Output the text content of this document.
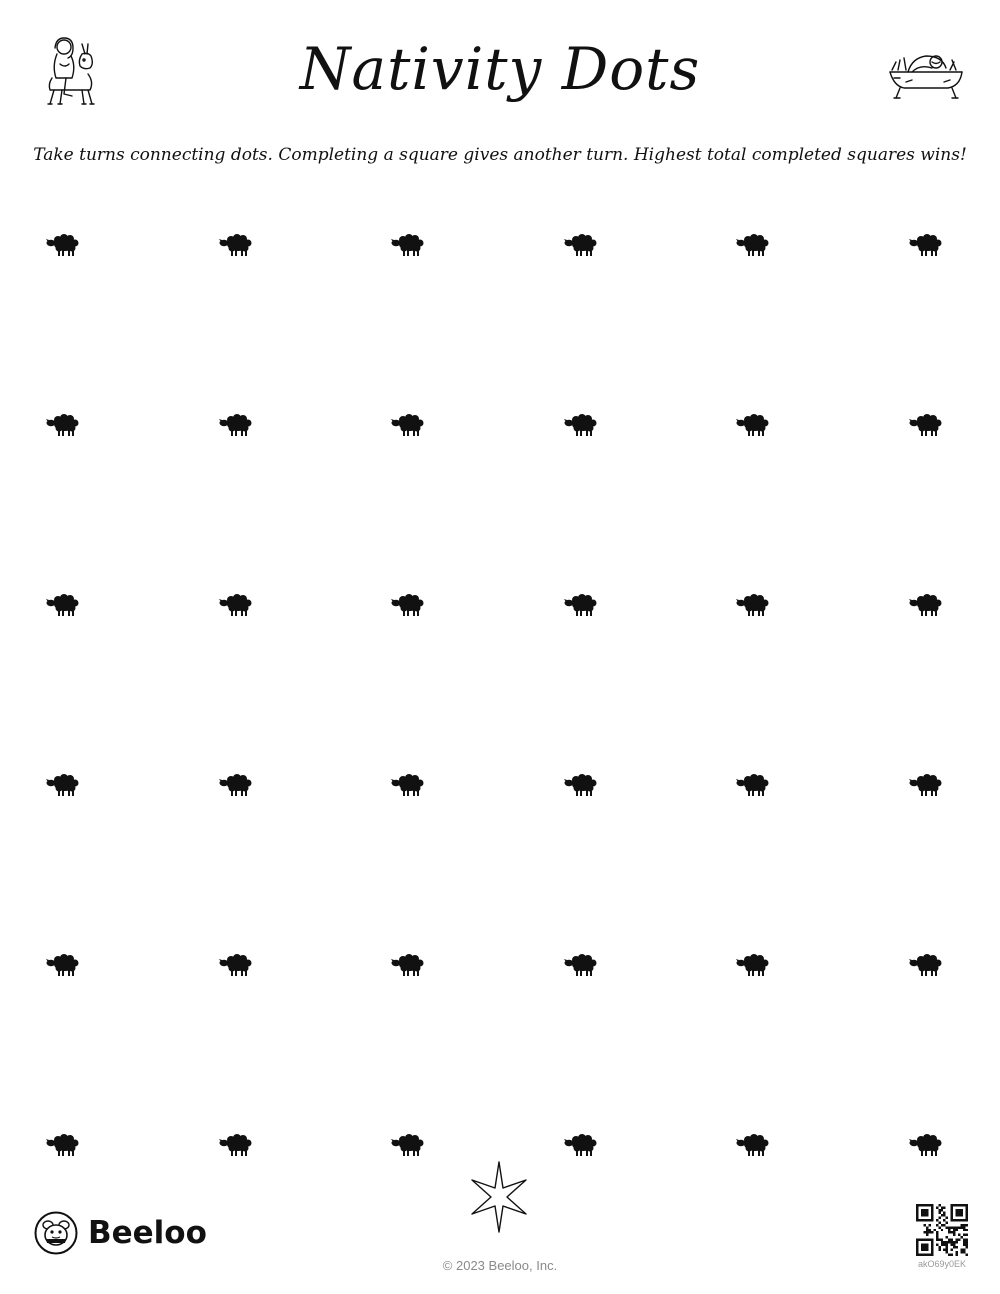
Nativity Dots
Take turns connecting dots. Completing a square gives another turn. Highest total completed squares wins!
Beeloo
© 2023 Beeloo, Inc.	akO69y0EK
